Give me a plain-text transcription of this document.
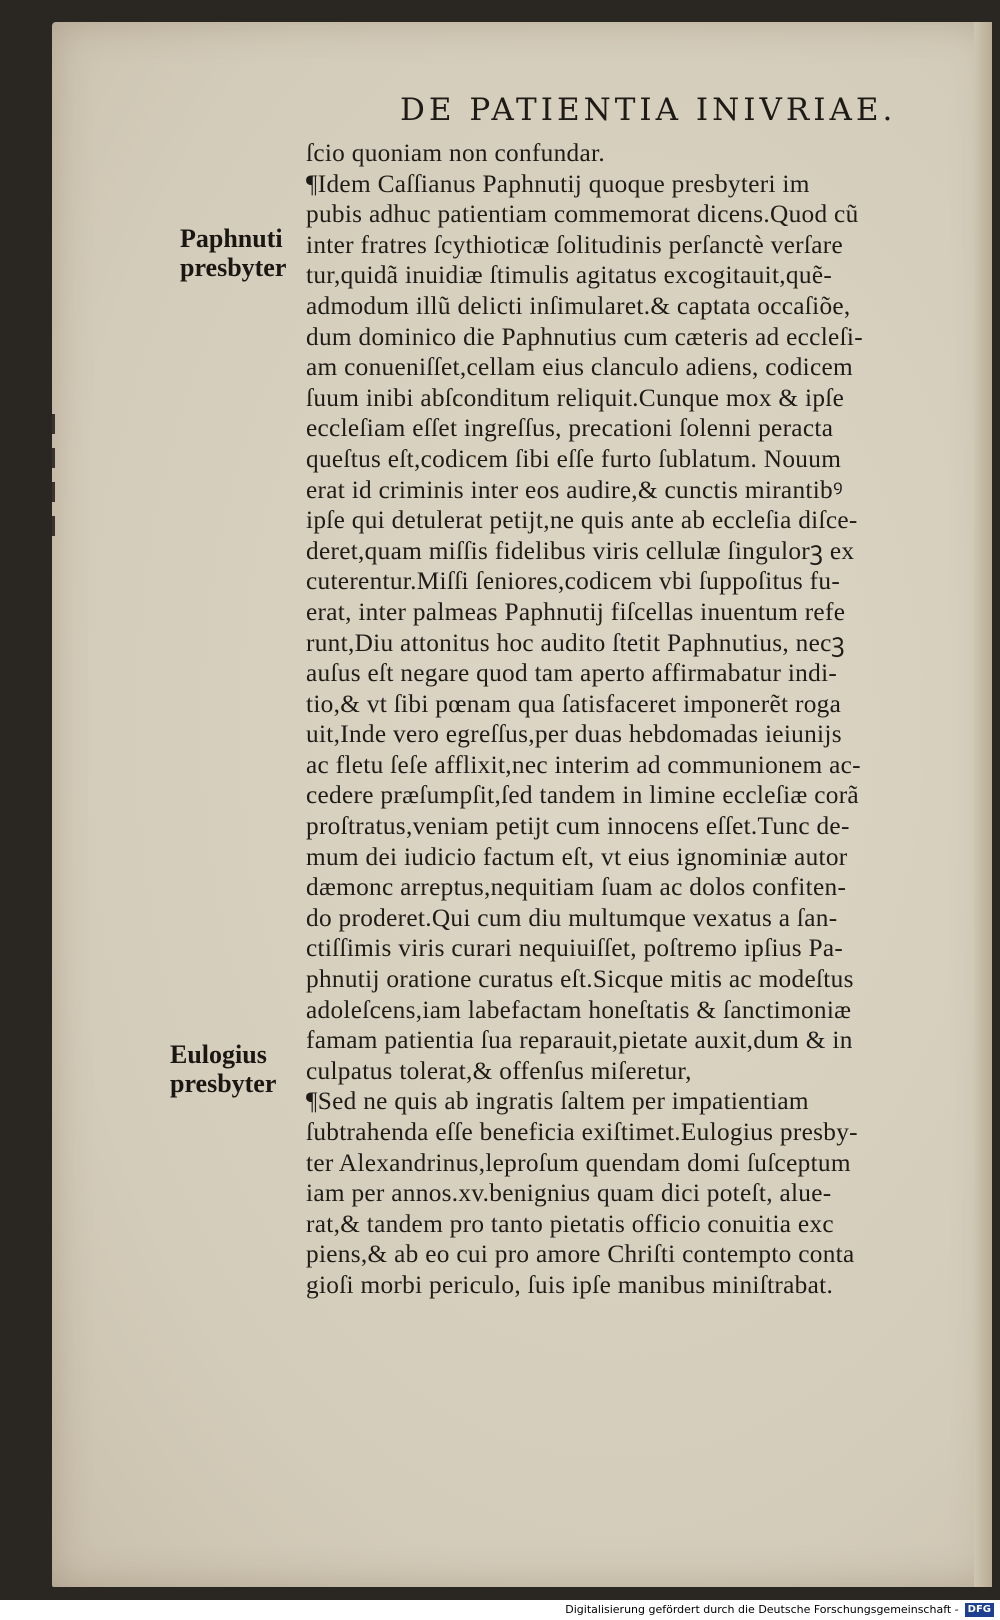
DE PATIENTIA INIVRIAE.
Paphnuti
presbyter
Eulogius
presbyter
ſcio quoniam non confundar.
¶Idem Caſſianus Paphnutij quoque presbyteri im
pubis adhuc patientiam commemorat dicens.Quod cũ
inter fratres ſcythioticæ ſolitudinis perſanctè verſare
tur,quidã inuidiæ ſtimulis agitatus excogitauit,quẽ-
admodum illũ delicti inſimularet.& captata occaſiõe,
dum dominico die Paphnutius cum cæteris ad eccleſi-
am conueniſſet,cellam eius clanculo adiens, codicem
ſuum inibi abſconditum reliquit.Cunque mox & ipſe
eccleſiam eſſet ingreſſus, precationi ſolenni peracta
queſtus eſt,codicem ſibi eſſe furto ſublatum. Nouum
erat id criminis inter eos audire,& cunctis mirantibꝰ
ipſe qui detulerat petijt,ne quis ante ab eccleſia diſce-
deret,quam miſſis fidelibus viris cellulæ ſingulorꝫ ex
cuterentur.Miſſi ſeniores,codicem vbi ſuppoſitus fu-
erat, inter palmeas Paphnutij fiſcellas inuentum refe
runt,Diu attonitus hoc audito ſtetit Paphnutius, necꝫ
auſus eſt negare quod tam aperto affirmabatur indi-
tio,& vt ſibi pœnam qua ſatisfaceret imponerẽt roga
uit,Inde vero egreſſus,per duas hebdomadas ieiunijs
ac fletu ſeſe afflixit,nec interim ad communionem ac-
cedere præſumpſit,ſed tandem in limine eccleſiæ corã
proſtratus,veniam petijt cum innocens eſſet.Tunc de-
mum dei iudicio factum eſt, vt eius ignominiæ autor
dæmonc arreptus,nequitiam ſuam ac dolos confiten-
do proderet.Qui cum diu multumque vexatus a ſan-
ctiſſimis viris curari nequiuiſſet, poſtremo ipſius Pa-
phnutij oratione curatus eſt.Sicque mitis ac modeſtus
adoleſcens,iam labefactam honeſtatis & ſanctimoniæ
famam patientia ſua reparauit,pietate auxit,dum & in
culpatus tolerat,& offenſus miſeretur,
¶Sed ne quis ab ingratis ſaltem per impatientiam
ſubtrahenda eſſe beneficia exiſtimet.Eulogius presby-
ter Alexandrinus,leproſum quendam domi ſuſceptum
iam per annos.xv.benignius quam dici poteſt, alue-
rat,& tandem pro tanto pietatis officio conuitia exc
piens,& ab eo cui pro amore Chriſti contempto conta
gioſi morbi periculo, ſuis ipſe manibus miniſtrabat.
Digitalisierung gefördert durch die Deutsche Forschungsgemeinschaft - DFG
